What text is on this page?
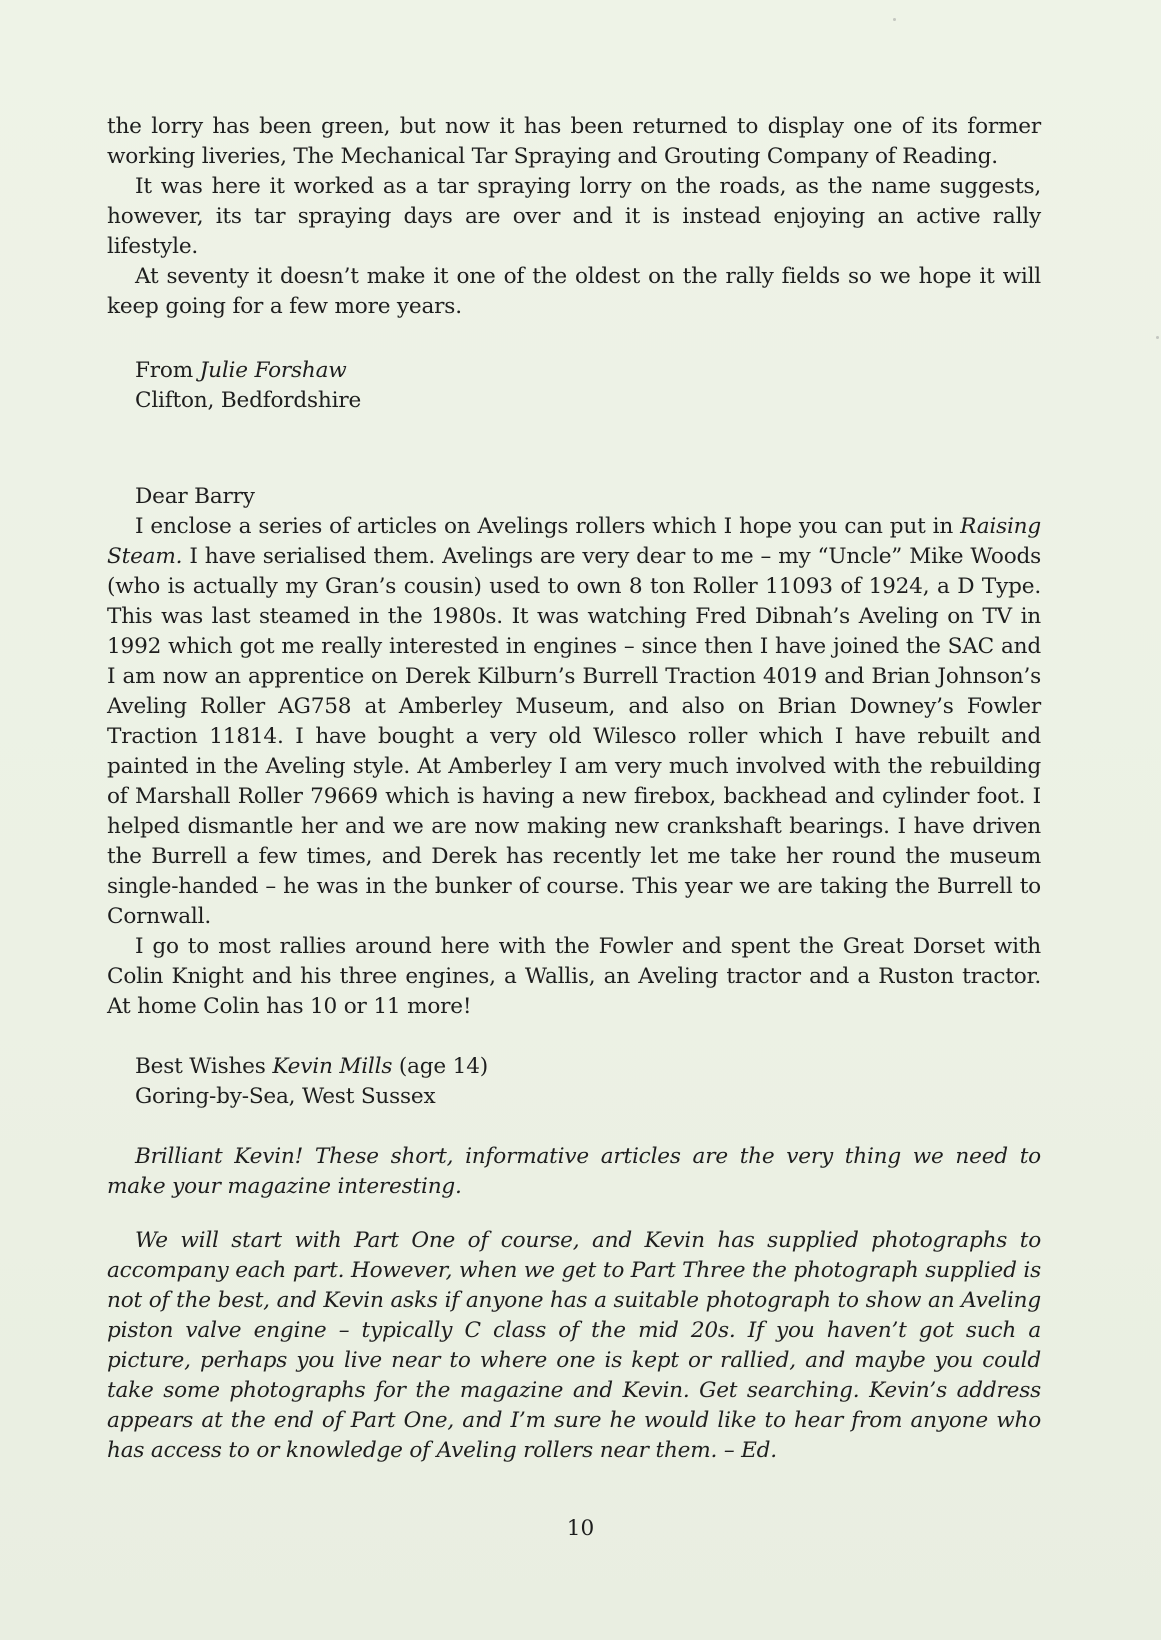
the lorry has been green, but now it has been returned to display one of its former working liveries, The Mechanical Tar Spraying and Grouting Company of Reading.

It was here it worked as a tar spraying lorry on the roads, as the name suggests, however, its tar spraying days are over and it is instead enjoying an active rally lifestyle.

At seventy it doesn’t make it one of the oldest on the rally fields so we hope it will keep going for a few more years.

From Julie Forshaw
Clifton, Bedfordshire
Dear Barry

I enclose a series of articles on Avelings rollers which I hope you can put in Raising Steam. I have serialised them. Avelings are very dear to me – my “Uncle” Mike Woods (who is actually my Gran’s cousin) used to own 8 ton Roller 11093 of 1924, a D Type. This was last steamed in the 1980s. It was watching Fred Dibnah’s Aveling on TV in 1992 which got me really interested in engines – since then I have joined the SAC and I am now an apprentice on Derek Kilburn’s Burrell Traction 4019 and Brian Johnson’s Aveling Roller AG758 at Amberley Museum, and also on Brian Downey’s Fowler Traction 11814. I have bought a very old Wilesco roller which I have rebuilt and painted in the Aveling style. At Amberley I am very much involved with the rebuilding of Marshall Roller 79669 which is having a new firebox, backhead and cylinder foot. I helped dismantle her and we are now making new crankshaft bearings. I have driven the Burrell a few times, and Derek has recently let me take her round the museum single-handed – he was in the bunker of course. This year we are taking the Burrell to Cornwall.

I go to most rallies around here with the Fowler and spent the Great Dorset with Colin Knight and his three engines, a Wallis, an Aveling tractor and a Ruston tractor. At home Colin has 10 or 11 more!

Best Wishes Kevin Mills (age 14)
Goring-by-Sea, West Sussex

Brilliant Kevin! These short, informative articles are the very thing we need to make your magazine interesting.

We will start with Part One of course, and Kevin has supplied photographs to accompany each part. However, when we get to Part Three the photograph supplied is not of the best, and Kevin asks if anyone has a suitable photograph to show an Aveling piston valve engine – typically C class of the mid 20s. If you haven’t got such a picture, perhaps you live near to where one is kept or rallied, and maybe you could take some photographs for the magazine and Kevin. Get searching. Kevin’s address appears at the end of Part One, and I’m sure he would like to hear from anyone who has access to or knowledge of Aveling rollers near them. – Ed.

10
